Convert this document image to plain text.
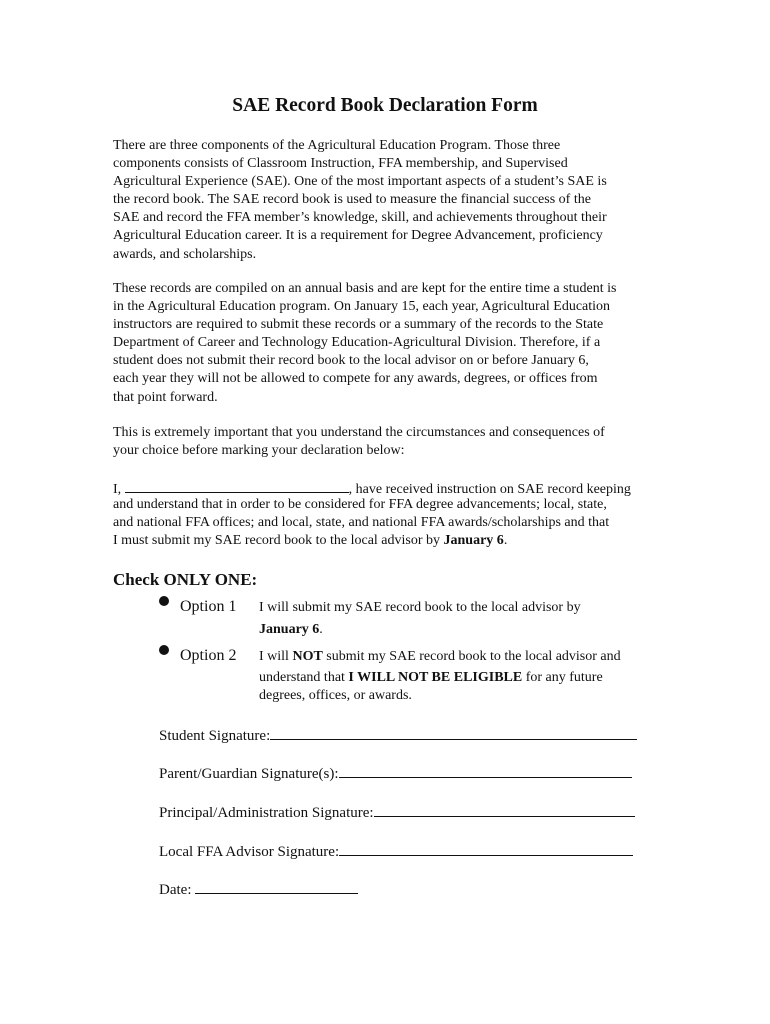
SAE Record Book Declaration Form
There are three components of the Agricultural Education Program. Those three
components consists of Classroom Instruction, FFA membership, and Supervised
Agricultural Experience (SAE). One of the most important aspects of a student’s SAE is
the record book. The SAE record book is used to measure the financial success of the
SAE and record the FFA member’s knowledge, skill, and achievements throughout their
Agricultural Education career. It is a requirement for Degree Advancement, proficiency
awards, and scholarships.
These records are compiled on an annual basis and are kept for the entire time a student is
in the Agricultural Education program. On January 15, each year, Agricultural Education
instructors are required to submit these records or a summary of the records to the State
Department of Career and Technology Education-Agricultural Division. Therefore, if a
student does not submit their record book to the local advisor on or before January 6,
each year they will not be allowed to compete for any awards, degrees, or offices from
that point forward.
This is extremely important that you understand the circumstances and consequences of
your choice before marking your declaration below:
I,	, have received instruction on SAE record keeping
and understand that in order to be considered for FFA degree advancements; local, state,
and national FFA offices; and local, state, and national FFA awards/scholarships and that
I must submit my SAE record book to the local advisor by January 6.
Check ONLY ONE:
Option 1 I will submit my SAE record book to the local advisor by
January 6.
Option 2 I will NOT submit my SAE record book to the local advisor and
understand that I WILL NOT BE ELIGIBLE for any future
degrees, offices, or awards.
Student Signature:
Parent/Guardian Signature(s):
Principal/Administration Signature:
Local FFA Advisor Signature:
Date:
